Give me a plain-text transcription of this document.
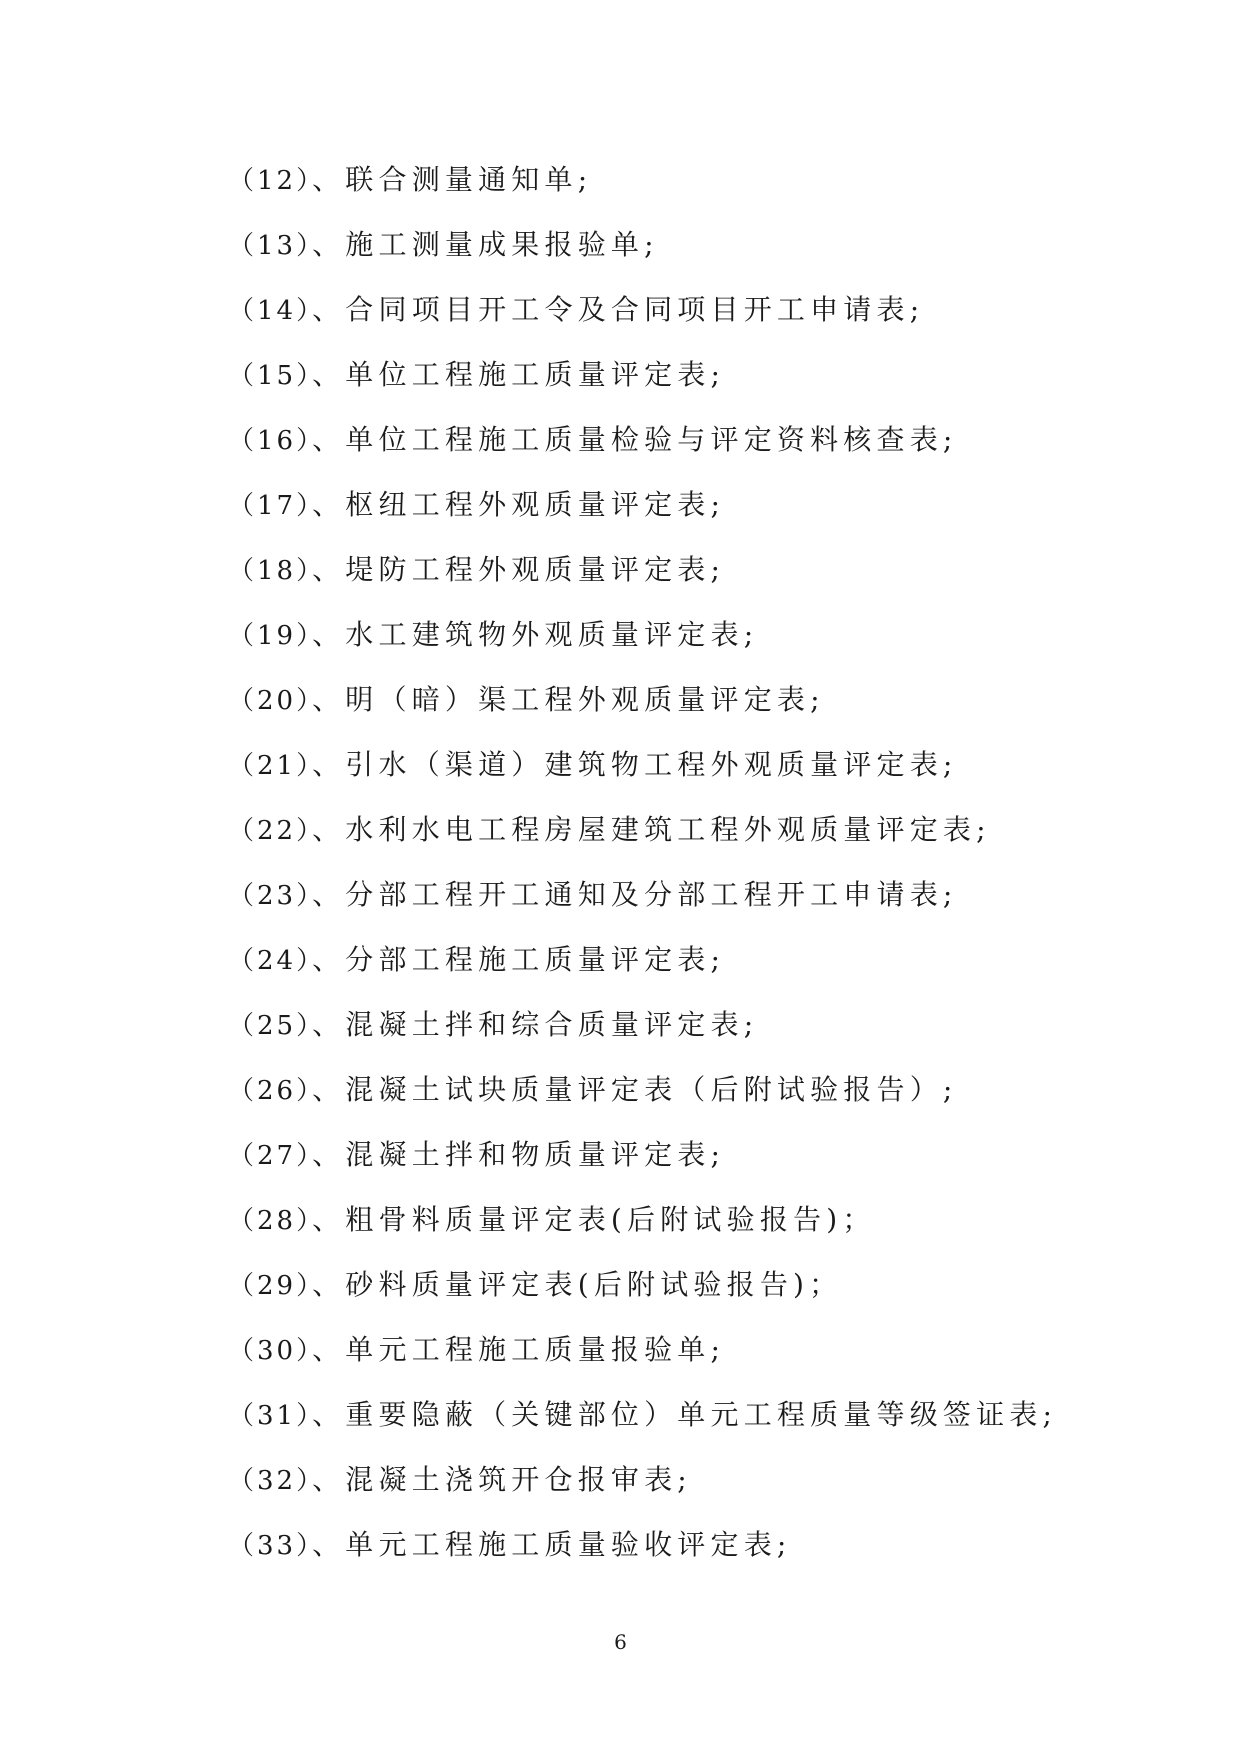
（12）、联合测量通知单;
（13）、施工测量成果报验单;
（14）、合同项目开工令及合同项目开工申请表;
（15）、单位工程施工质量评定表;
（16）、单位工程施工质量检验与评定资料核查表;
（17）、枢纽工程外观质量评定表;
（18）、堤防工程外观质量评定表;
（19）、水工建筑物外观质量评定表;
（20）、明（暗）渠工程外观质量评定表;
（21）、引水（渠道）建筑物工程外观质量评定表;
（22）、水利水电工程房屋建筑工程外观质量评定表;
（23）、分部工程开工通知及分部工程开工申请表;
（24）、分部工程施工质量评定表;
（25）、混凝土拌和综合质量评定表;
（26）、混凝土试块质量评定表（后附试验报告）;
（27）、混凝土拌和物质量评定表;
（28）、粗骨料质量评定表(后附试验报告)；
（29）、砂料质量评定表(后附试验报告)；
（30）、单元工程施工质量报验单;
（31）、重要隐蔽（关键部位）单元工程质量等级签证表;
（32）、混凝土浇筑开仓报审表;
（33）、单元工程施工质量验收评定表;
6
